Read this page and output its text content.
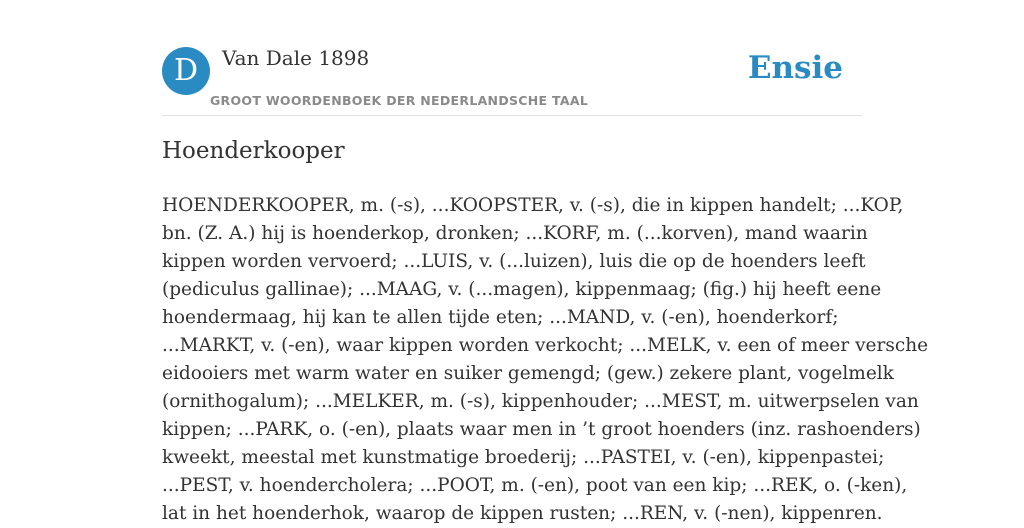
D	Van Dale 1898
GROOT WOORDENBOEK DER NEDERLANDSCHE TAAL
Ensie
Hoenderkooper

HOENDERKOOPER, m. (-s), ...KOOPSTER, v. (-s), die in kippen handelt; ...KOP,
bn. (Z. A.) hij is hoenderkop, dronken; ...KORF, m. (...korven), mand waarin
kippen worden vervoerd; ...LUIS, v. (...luizen), luis die op de hoenders leeft
(pediculus gallinae); ...MAAG, v. (...magen), kippenmaag; (fig.) hij heeft eene
hoendermaag, hij kan te allen tijde eten; ...MAND, v. (-en), hoenderkorf;
...MARKT, v. (-en), waar kippen worden verkocht; ...MELK, v. een of meer versche
eidooiers met warm water en suiker gemengd; (gew.) zekere plant, vogelmelk
(ornithogalum); ...MELKER, m. (-s), kippenhouder; ...MEST, m. uitwerpselen van
kippen; ...PARK, o. (-en), plaats waar men in ’t groot hoenders (inz. rashoenders)
kweekt, meestal met kunstmatige broederij; ...PASTEI, v. (-en), kippenpastei;
...PEST, v. hoendercholera; ...POOT, m. (-en), poot van een kip; ...REK, o. (-ken),
lat in het hoenderhok, waarop de kippen rusten; ...REN, v. (-nen), kippenren.
